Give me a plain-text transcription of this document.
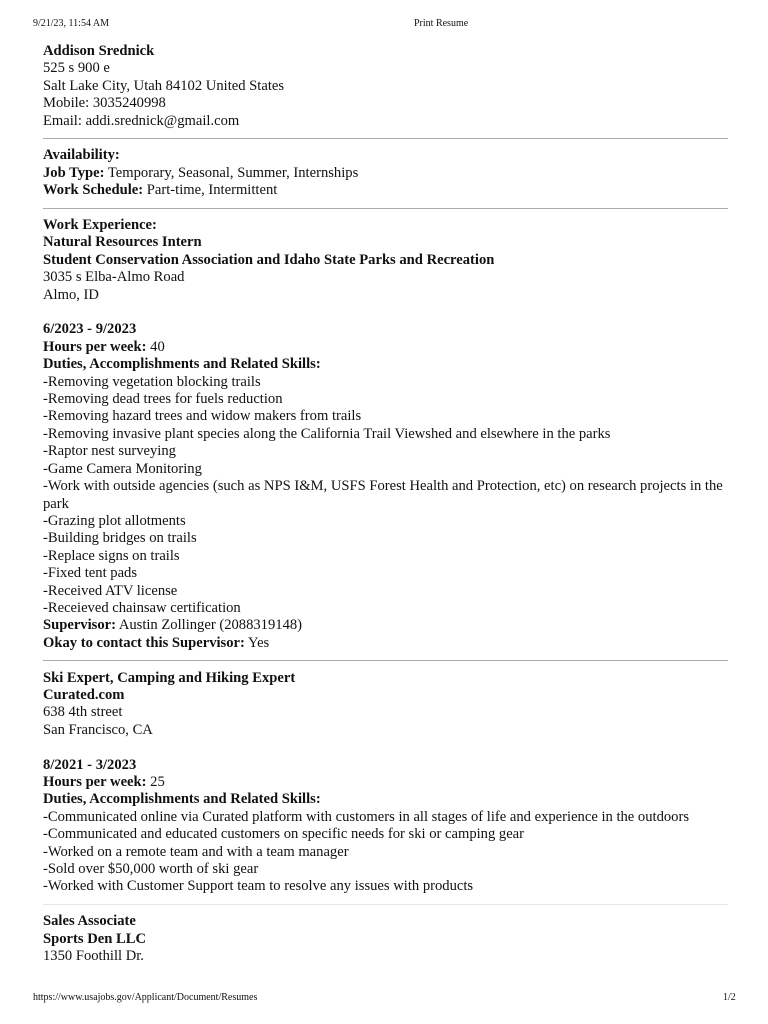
9/21/23, 11:54 AM	Print Resume
Addison Srednick
525 s 900 e
Salt Lake City, Utah 84102 United States
Mobile: 3035240998
Email: addi.srednick@gmail.com
Availability:
Job Type: Temporary, Seasonal, Summer, Internships
Work Schedule: Part-time, Intermittent
Work Experience:
Natural Resources Intern
Student Conservation Association and Idaho State Parks and Recreation
3035 s Elba-Almo Road
Almo, ID
6/2023 - 9/2023
Hours per week: 40
Duties, Accomplishments and Related Skills:
-Removing vegetation blocking trails
-Removing dead trees for fuels reduction
-Removing hazard trees and widow makers from trails
-Removing invasive plant species along the California Trail Viewshed and elsewhere in the parks
-Raptor nest surveying
-Game Camera Monitoring
-Work with outside agencies (such as NPS I&M, USFS Forest Health and Protection, etc) on research projects in the park
-Grazing plot allotments
-Building bridges on trails
-Replace signs on trails
-Fixed tent pads
-Received ATV license
-Receieved chainsaw certification
Supervisor: Austin Zollinger (2088319148)
Okay to contact this Supervisor: Yes
Ski Expert, Camping and Hiking Expert
Curated.com
638 4th street
San Francisco, CA
8/2021 - 3/2023
Hours per week: 25
Duties, Accomplishments and Related Skills:
-Communicated online via Curated platform with customers in all stages of life and experience in the outdoors
-Communicated and educated customers on specific needs for ski or camping gear
-Worked on a remote team and with a team manager
-Sold over $50,000 worth of ski gear
-Worked with Customer Support team to resolve any issues with products
Sales Associate
Sports Den LLC
1350 Foothill Dr.
https://www.usajobs.gov/Applicant/Document/Resumes	1/2
